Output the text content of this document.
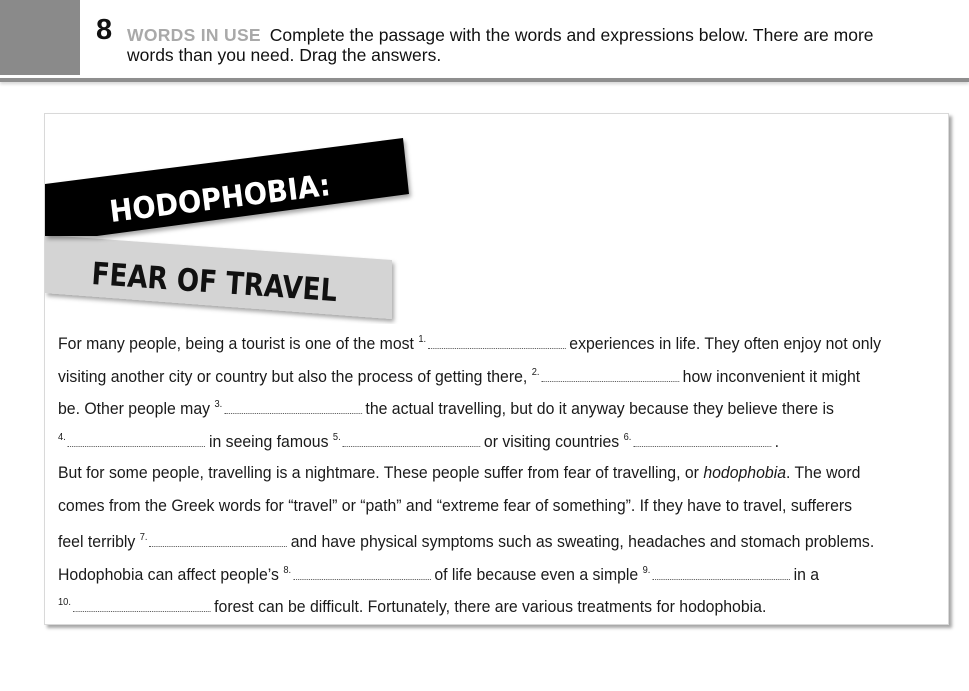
8 WORDS IN USE Complete the passage with the words and expressions below. There are more
words than you need. Drag the answers.
HODOPHOBIA:
FEAR OF TRAVEL

For many people, being a tourist is one of the most $^{1.}$	experiences in life. They often enjoy not only
visiting another city or country but also the process of getting there, $^{2.}$	how inconvenient it might
be. Other people may $^{3.}$	the actual travelling, but do it anyway because they believe there is
$^{4.}$	in seeing famous $^{5.}$	or visiting countries $^{6.}$	.

But for some people, travelling is a nightmare. These people suffer from fear of travelling, or hodophobia. The word
comes from the Greek words for “travel” or “path” and “extreme fear of something”. If they have to travel, sufferers
feel terribly $^{7.}$	and have physical symptoms such as sweating, headaches and stomach problems.
Hodophobia can affect people’s $^{8.}$	of life because even a simple $^{9.}$	in a
$^{10.}$	forest can be difficult. Fortunately, there are various treatments for hodophobia.
